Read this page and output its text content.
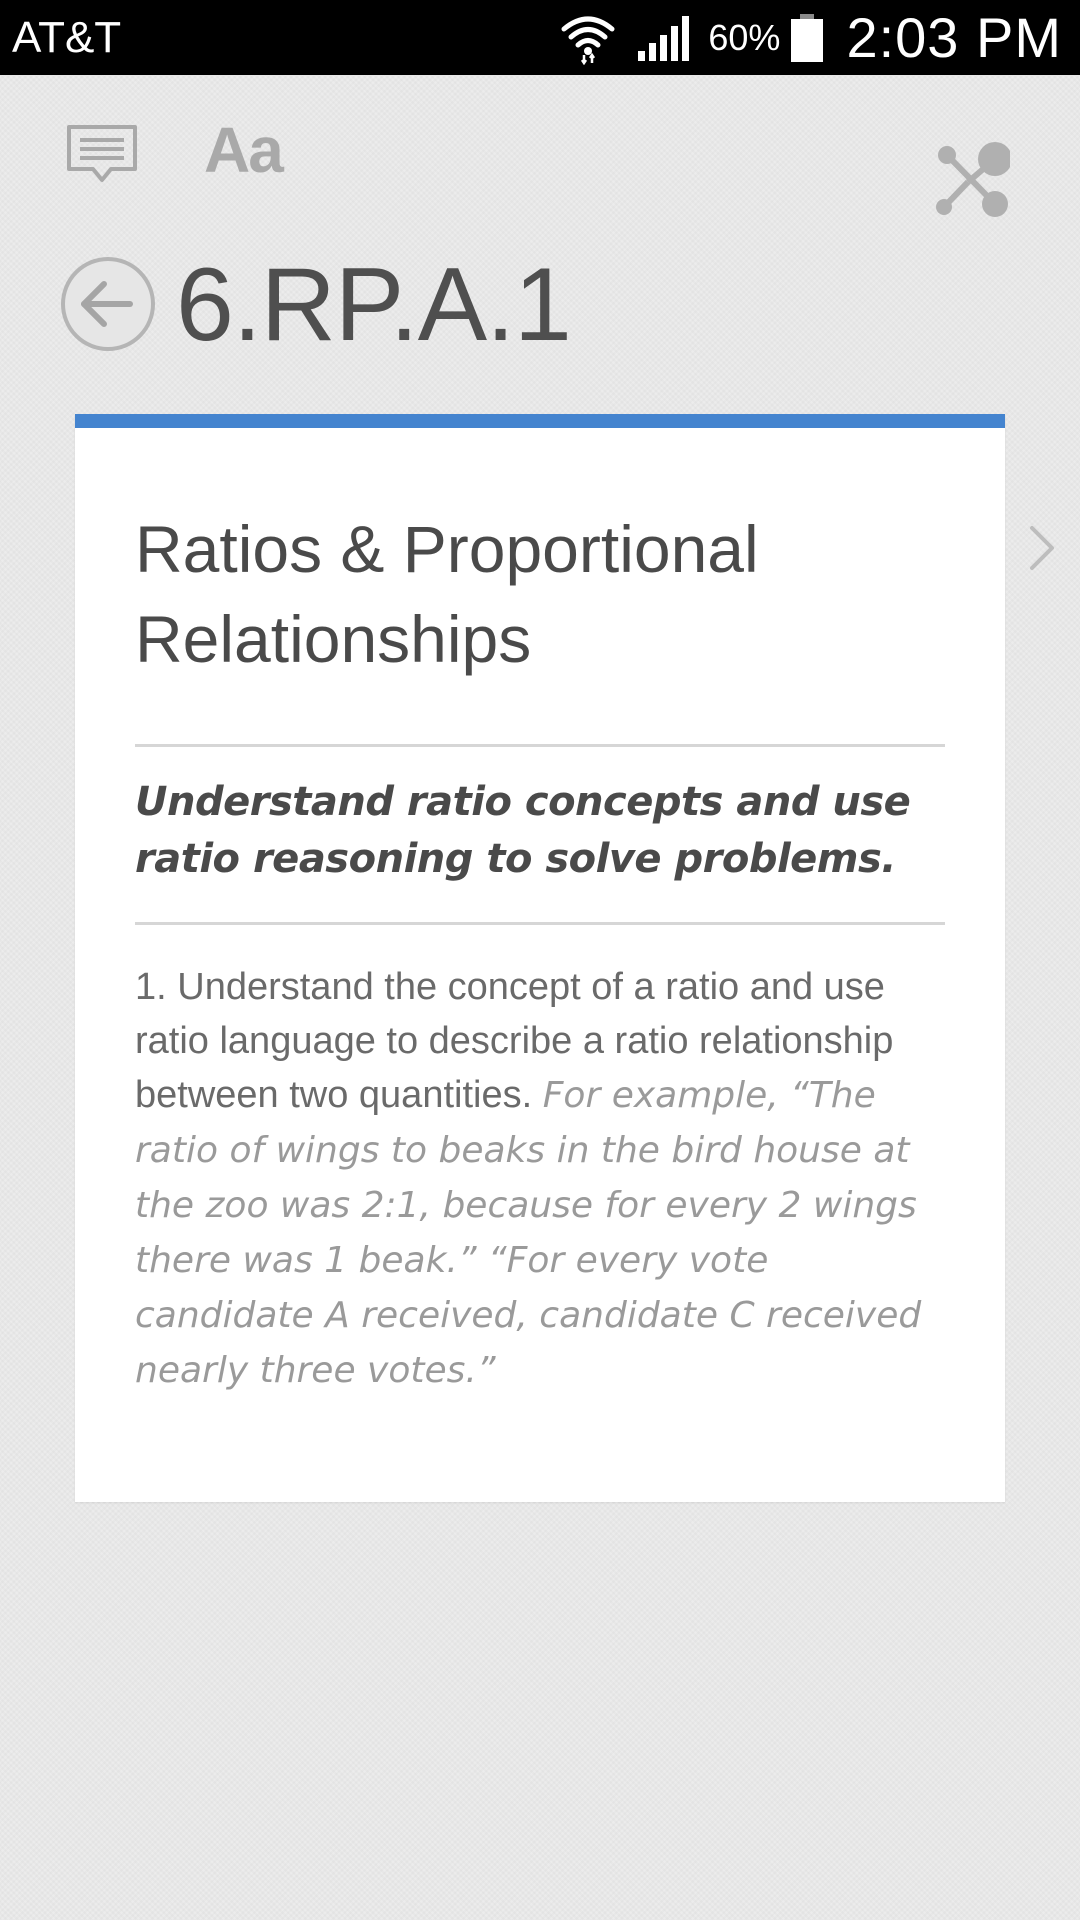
AT&T	60% 2:03 PM
Aa
6.RP.A.1
Ratios & Proportional Relationships

Understand ratio concepts and use ratio reasoning to solve problems.

1. Understand the concept of a ratio and use ratio language to describe a ratio relationship between two quantities. For example, “The ratio of wings to beaks in the bird house at the zoo was 2:1, because for every 2 wings there was 1 beak.” “For every vote candidate A received, candidate C received nearly three votes.”
